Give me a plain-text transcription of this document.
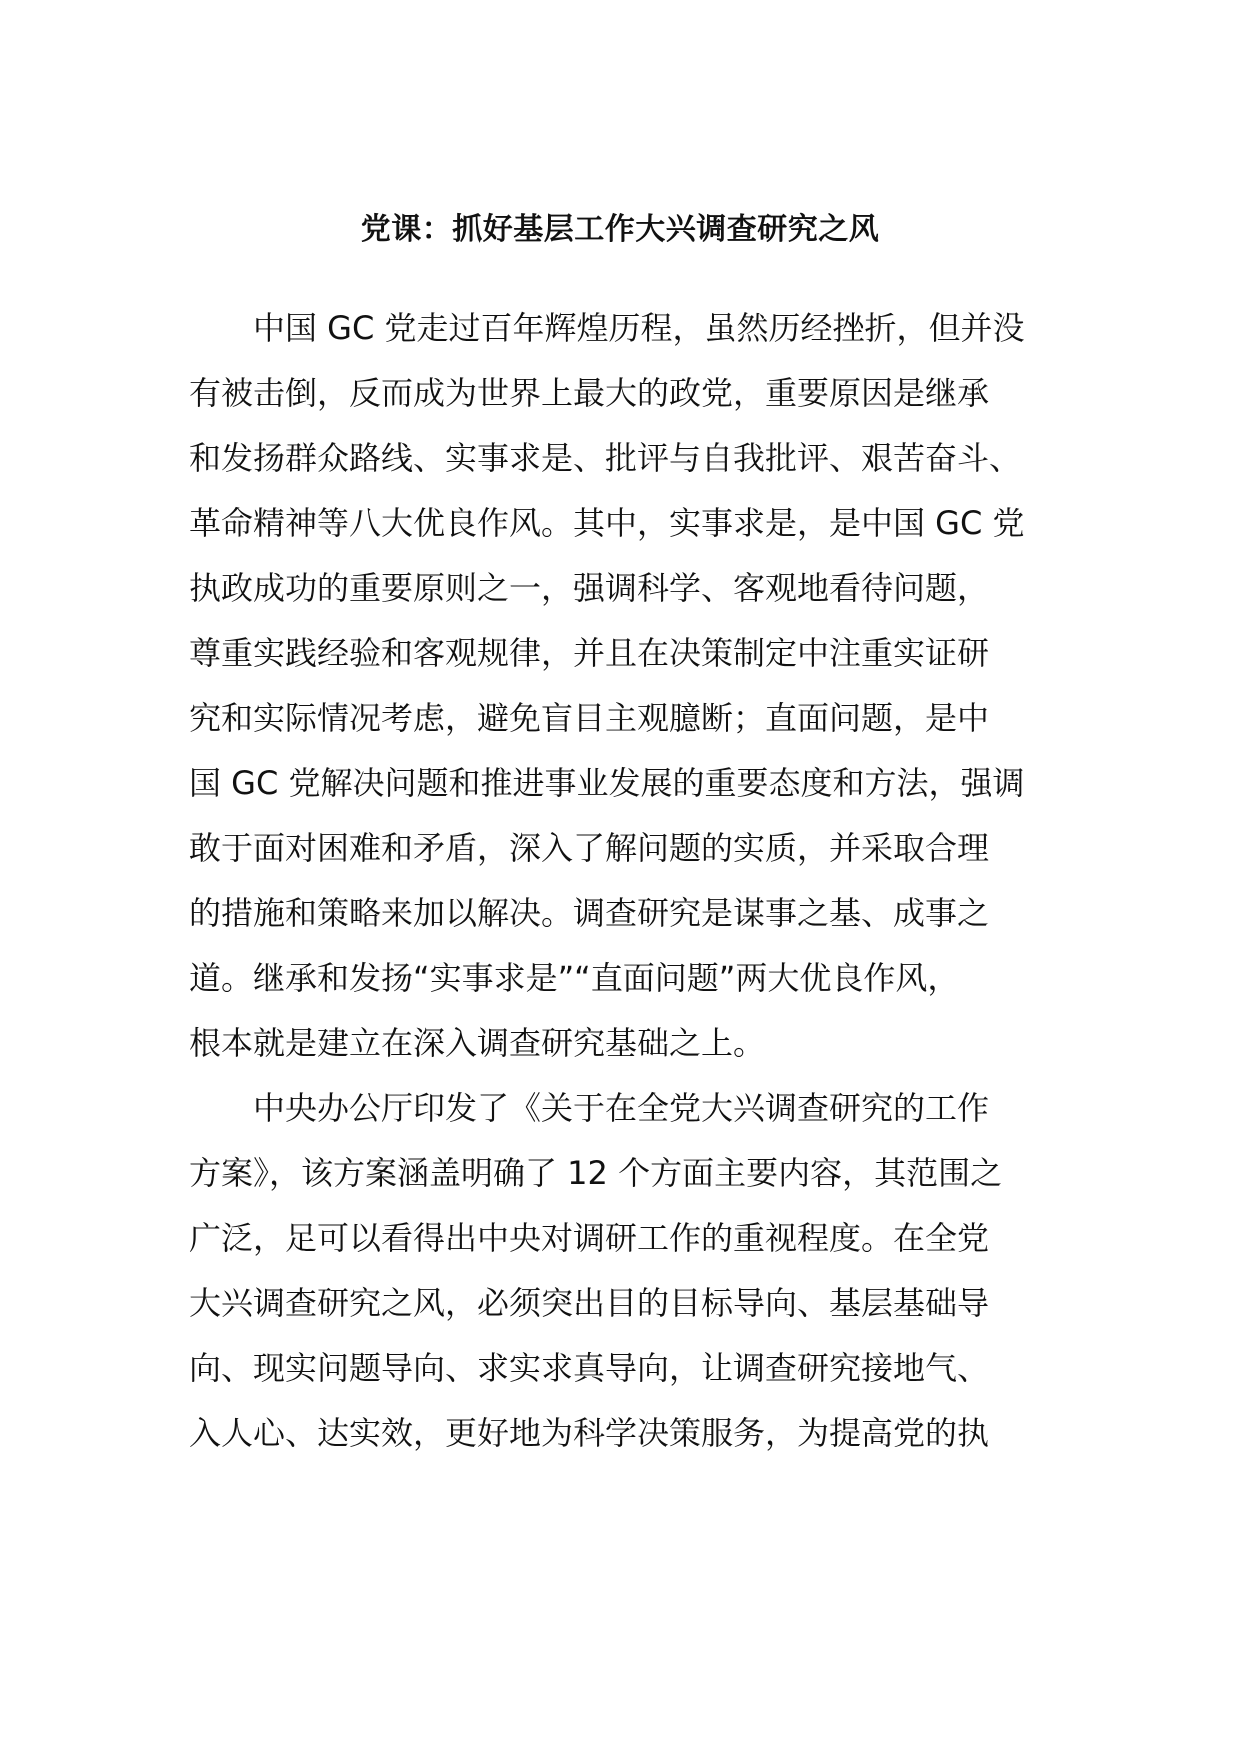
党课：抓好基层工作大兴调查研究之风
　　中国 GC 党走过百年辉煌历程，虽然历经挫折，但并没
有被击倒，反而成为世界上最大的政党，重要原因是继承
和发扬群众路线、实事求是、批评与自我批评、艰苦奋斗、
革命精神等八大优良作风。其中，实事求是，是中国 GC 党
执政成功的重要原则之一，强调科学、客观地看待问题，
尊重实践经验和客观规律，并且在决策制定中注重实证研
究和实际情况考虑，避免盲目主观臆断；直面问题，是中
国 GC 党解决问题和推进事业发展的重要态度和方法，强调
敢于面对困难和矛盾，深入了解问题的实质，并采取合理
的措施和策略来加以解决。调查研究是谋事之基、成事之
道。继承和发扬“实事求是”“直面问题”两大优良作风，
根本就是建立在深入调查研究基础之上。
　　中央办公厅印发了《关于在全党大兴调查研究的工作
方案》，该方案涵盖明确了 12 个方面主要内容，其范围之
广泛，足可以看得出中央对调研工作的重视程度。在全党
大兴调查研究之风，必须突出目的目标导向、基层基础导
向、现实问题导向、求实求真导向，让调查研究接地气、
入人心、达实效，更好地为科学决策服务，为提高党的执
